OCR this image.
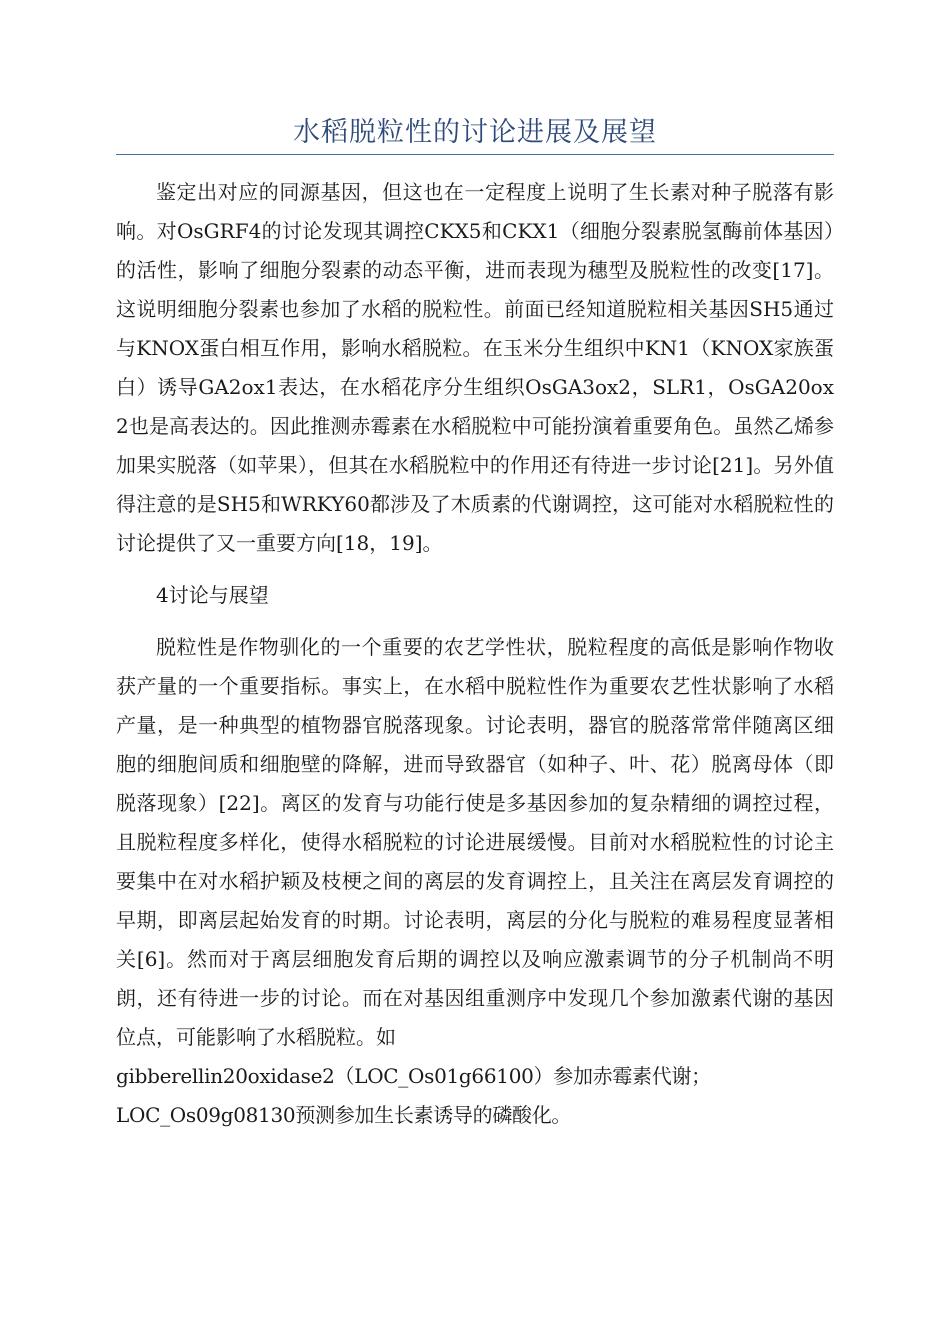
水稻脱粒性的讨论进展及展望

鉴定出对应的同源基因，但这也在一定程度上说明了生长素对种子脱落有影响。对OsGRF4的讨论发现其调控CKX5和CKX1（细胞分裂素脱氢酶前体基因）的活性，影响了细胞分裂素的动态平衡，进而表现为穗型及脱粒性的改变[17]。这说明细胞分裂素也参加了水稻的脱粒性。前面已经知道脱粒相关基因SH5通过与KNOX蛋白相互作用，影响水稻脱粒。在玉米分生组织中KN1（KNOX家族蛋白）诱导GA2ox1表达，在水稻花序分生组织OsGA3ox2，SLR1，OsGA20ox2也是高表达的。因此推测赤霉素在水稻脱粒中可能扮演着重要角色。虽然乙烯参加果实脱落（如苹果），但其在水稻脱粒中的作用还有待进一步讨论[21]。另外值得注意的是SH5和WRKY60都涉及了木质素的代谢调控，这可能对水稻脱粒性的讨论提供了又一重要方向[18，19]。

4讨论与展望

脱粒性是作物驯化的一个重要的农艺学性状，脱粒程度的高低是影响作物收获产量的一个重要指标。事实上，在水稻中脱粒性作为重要农艺性状影响了水稻产量，是一种典型的植物器官脱落现象。讨论表明，器官的脱落常常伴随离区细胞的细胞间质和细胞壁的降解，进而导致器官（如种子、叶、花）脱离母体（即脱落现象）[22]。离区的发育与功能行使是多基因参加的复杂精细的调控过程，且脱粒程度多样化，使得水稻脱粒的讨论进展缓慢。目前对水稻脱粒性的讨论主要集中在对水稻护颖及枝梗之间的离层的发育调控上，且关注在离层发育调控的早期，即离层起始发育的时期。讨论表明，离层的分化与脱粒的难易程度显著相关[6]。然而对于离层细胞发育后期的调控以及响应激素调节的分子机制尚不明朗，还有待进一步的讨论。而在对基因组重测序中发现几个参加激素代谢的基因位点，可能影响了水稻脱粒。如

gibberellin20oxidase2（LOC_Os01g66100）参加赤霉素代谢；

LOC_Os09g08130预测参加生长素诱导的磷酸化。
